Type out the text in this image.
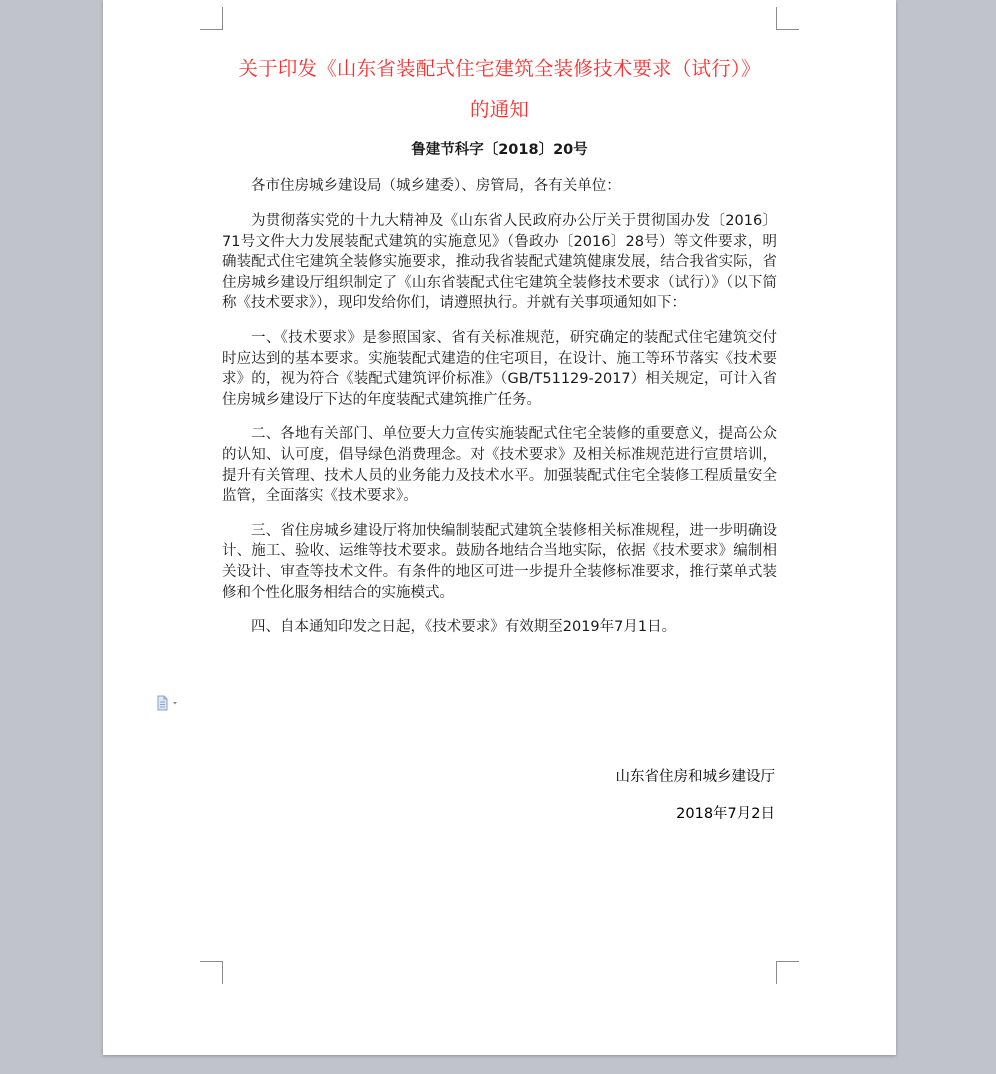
关于印发《山东省装配式住宅建筑全装修技术要求（试行）》

的通知

鲁建节科字〔2018〕20号
各市住房城乡建设局（城乡建委）、房管局，各有关单位：
为贯彻落实党的十九大精神及《山东省人民政府办公厅关于贯彻国办发〔2016〕71号文件大力发展装配式建筑的实施意见》（鲁政办〔2016〕28号）等文件要求，明确装配式住宅建筑全装修实施要求，推动我省装配式建筑健康发展，结合我省实际，省住房城乡建设厅组织制定了《山东省装配式住宅建筑全装修技术要求（试行）》（以下简称《技术要求》），现印发给你们，请遵照执行。并就有关事项通知如下：
一、《技术要求》是参照国家、省有关标准规范，研究确定的装配式住宅建筑交付时应达到的基本要求。实施装配式建造的住宅项目，在设计、施工等环节落实《技术要求》的，视为符合《装配式建筑评价标准》（GB/T51129-2017）相关规定，可计入省住房城乡建设厅下达的年度装配式建筑推广任务。
二、各地有关部门、单位要大力宣传实施装配式住宅全装修的重要意义，提高公众的认知、认可度，倡导绿色消费理念。对《技术要求》及相关标准规范进行宣贯培训，提升有关管理、技术人员的业务能力及技术水平。加强装配式住宅全装修工程质量安全监管，全面落实《技术要求》。
三、省住房城乡建设厅将加快编制装配式建筑全装修相关标准规程，进一步明确设计、施工、验收、运维等技术要求。鼓励各地结合当地实际，依据《技术要求》编制相关设计、审查等技术文件。有条件的地区可进一步提升全装修标准要求，推行菜单式装修和个性化服务相结合的实施模式。
四、自本通知印发之日起，《技术要求》有效期至2019年7月1日。
山东省住房和城乡建设厅
2018年7月2日
